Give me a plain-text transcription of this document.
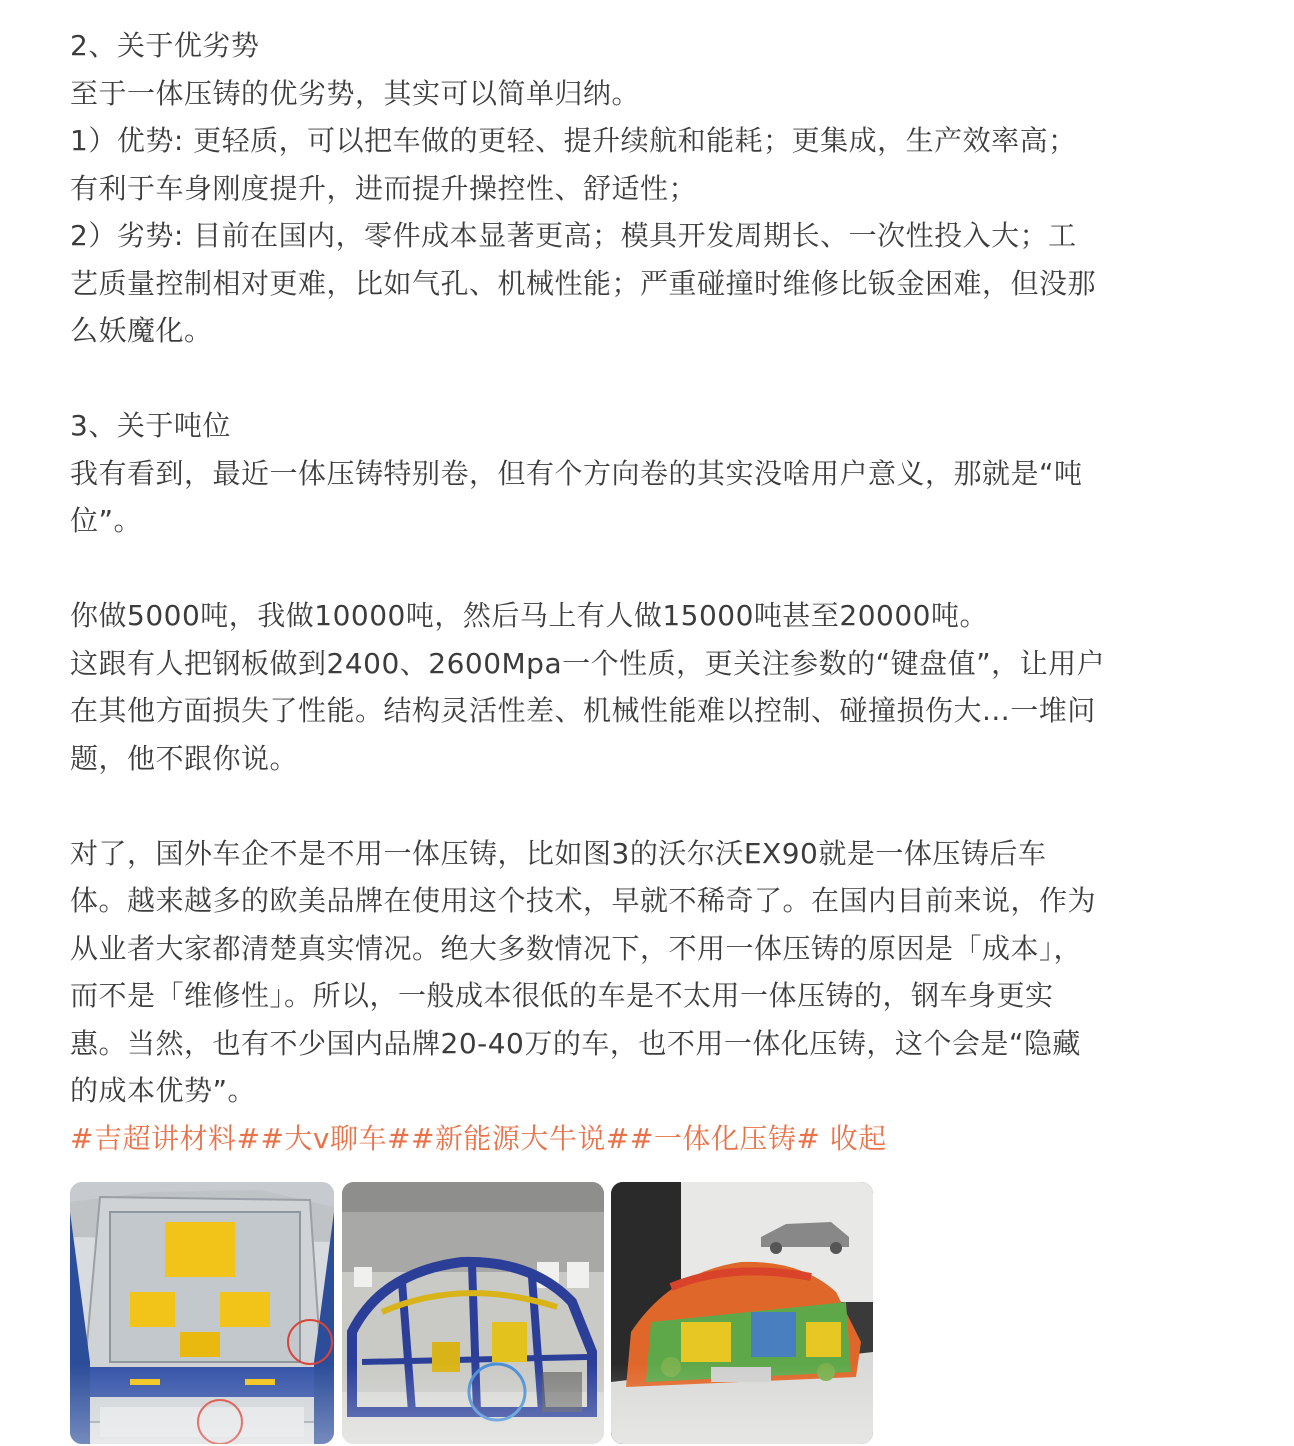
2、关于优劣势
至于一体压铸的优劣势，其实可以简单归纳。
1）优势: 更轻质，可以把车做的更轻、提升续航和能耗；更集成，生产效率高；
有利于车身刚度提升，进而提升操控性、舒适性；
2）劣势: 目前在国内，零件成本显著更高；模具开发周期长、一次性投入大；工
艺质量控制相对更难，比如气孔、机械性能；严重碰撞时维修比钣金困难，但没那
么妖魔化。
3、关于吨位
我有看到，最近一体压铸特别卷，但有个方向卷的其实没啥用户意义，那就是“吨
位”。
你做5000吨，我做10000吨，然后马上有人做15000吨甚至20000吨。
这跟有人把钢板做到2400、2600Mpa一个性质，更关注参数的“键盘值”，让用户
在其他方面损失了性能。结构灵活性差、机械性能难以控制、碰撞损伤大...一堆问
题，他不跟你说。
对了，国外车企不是不用一体压铸，比如图3的沃尔沃EX90就是一体压铸后车
体。越来越多的欧美品牌在使用这个技术，早就不稀奇了。在国内目前来说，作为
从业者大家都清楚真实情况。绝大多数情况下，不用一体压铸的原因是「成本」，
而不是「维修性」。所以，一般成本很低的车是不太用一体压铸的，钢车身更实
惠。当然，也有不少国内品牌20-40万的车，也不用一体化压铸，这个会是“隐藏
的成本优势”。
#吉超讲材料##大v聊车##新能源大牛说##一体化压铸# 收起
